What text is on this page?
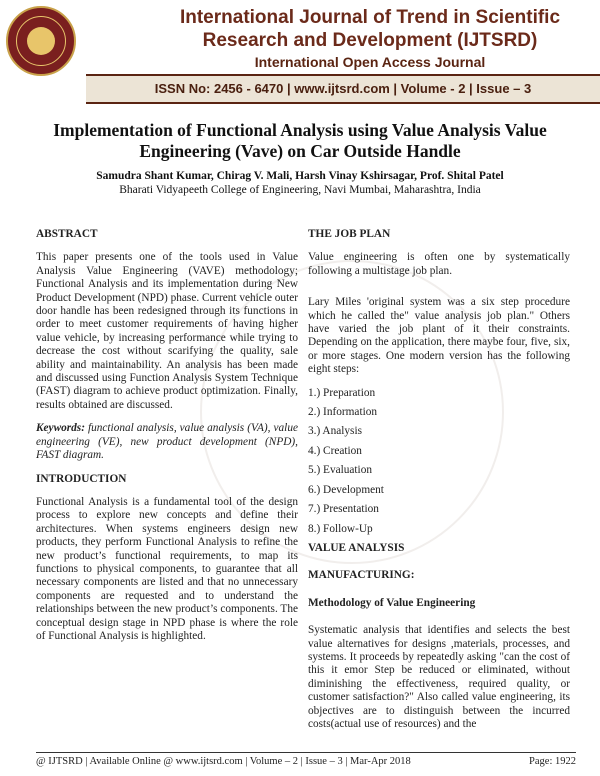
International Journal of Trend in Scientific
Research and Development (IJTSRD)
International Open Access Journal
ISSN No: 2456 - 6470 | www.ijtsrd.com | Volume - 2 | Issue – 3
Implementation of Functional Analysis using Value Analysis Value
Engineering (Vave) on Car Outside Handle
Samudra Shant Kumar, Chirag V. Mali, Harsh Vinay Kshirsagar, Prof. Shital Patel
Bharati Vidyapeeth College of Engineering, Navi Mumbai, Maharashtra, India
ABSTRACT
This paper presents one of the tools used in Value Analysis Value Engineering (VAVE) methodology; Functional Analysis and its implementation during New Product Development (NPD) phase. Current vehicle outer door handle has been redesigned through its functions in order to meet customer requirements of having higher value vehicle, by increasing performance while trying to decrease the cost without scarifying the quality, sale ability and maintainability. An analysis has been made and discussed using Function Analysis System Technique (FAST) diagram to achieve product optimization. Finally, results obtained are discussed.
Keywords: functional analysis, value analysis (VA), value engineering (VE), new product development (NPD), FAST diagram.
INTRODUCTION
Functional Analysis is a fundamental tool of the design process to explore new concepts and define their architectures. When systems engineers design new products, they perform Functional Analysis to refine the new product’s functional requirements, to map its functions to physical components, to guarantee that all necessary components are listed and that no unnecessary components are requested and to understand the relationships between the new product’s components. The conceptual design stage in NPD phase is where the role of Functional Analysis is highlighted.
THE JOB PLAN
Value engineering is often one by systematically following a multistage job plan.
Lary Miles 'original system was a six step procedure which he called the" value analysis job plan." Others have varied the job plant of it their constraints. Depending on the application, there maybe four, five, six, or more stages. One modern version has the following eight steps:
1.) Preparation
2.) Information
3.) Analysis
4.) Creation
5.) Evaluation
6.) Development
7.) Presentation
8.) Follow-Up
VALUE ANALYSIS
MANUFACTURING:
Methodology of Value Engineering
Systematic analysis that identifies and selects the best value alternatives for designs ,materials, processes, and systems. It proceeds by repeatedly asking "can the cost of this it emor Step be reduced or eliminated, without diminishing the effectiveness, required quality, or customer satisfaction?" Also called value engineering, its objectives are to distinguish between the incurred costs(actual use of resources) and the
@ IJTSRD | Available Online @ www.ijtsrd.com | Volume – 2 | Issue – 3 | Mar-Apr 2018	Page: 1922
